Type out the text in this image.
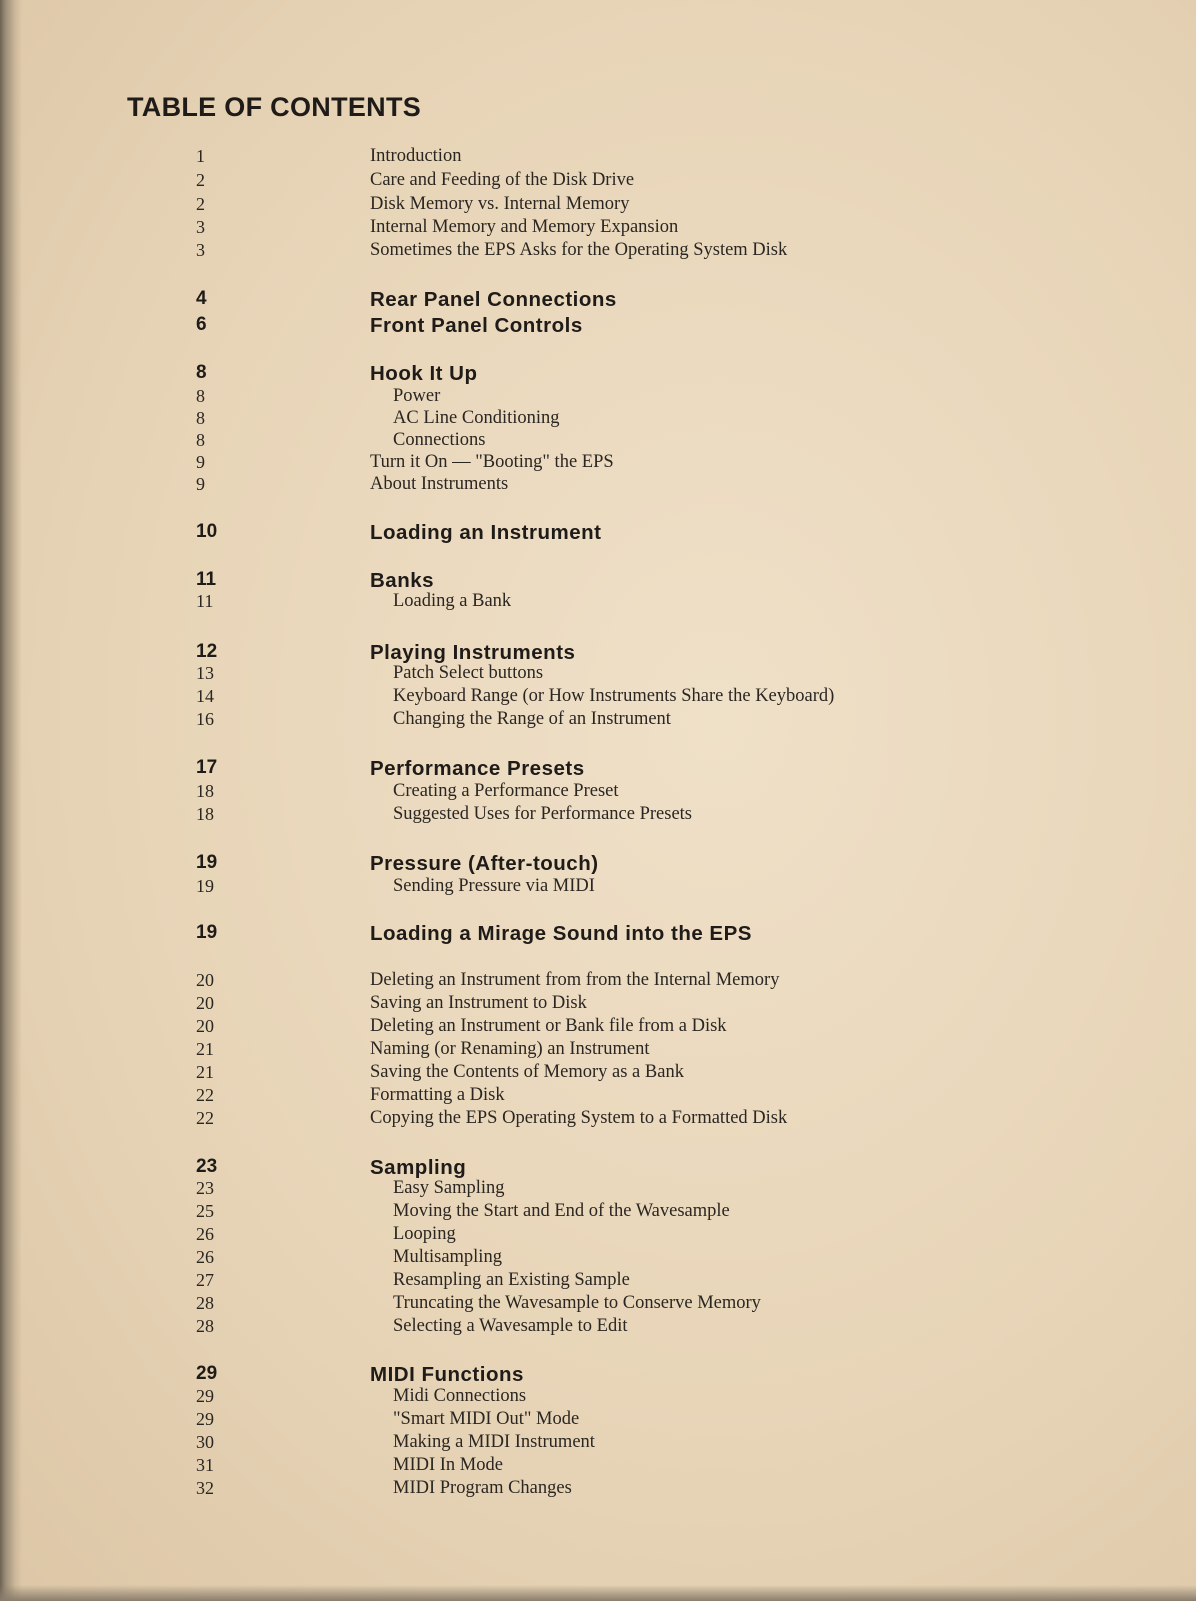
TABLE OF CONTENTS
1	Introduction
2	Care and Feeding of the Disk Drive
2	Disk Memory vs. Internal Memory
3	Internal Memory and Memory Expansion
3	Sometimes the EPS Asks for the Operating System Disk
4	Rear Panel Connections
6	Front Panel Controls
8	Hook It Up
8	Power
8	AC Line Conditioning
8	Connections
9	Turn it On — "Booting" the EPS
9	About Instruments
10	Loading an Instrument
11	Banks
11	Loading a Bank
12	Playing Instruments
13	Patch Select buttons
14	Keyboard Range (or How Instruments Share the Keyboard)
16	Changing the Range of an Instrument
17	Performance Presets
18	Creating a Performance Preset
18	Suggested Uses for Performance Presets
19	Pressure (After-touch)
19	Sending Pressure via MIDI
19	Loading a Mirage Sound into the EPS
20	Deleting an Instrument from from the Internal Memory
20	Saving an Instrument to Disk
20	Deleting an Instrument or Bank file from a Disk
21	Naming (or Renaming) an Instrument
21	Saving the Contents of Memory as a Bank
22	Formatting a Disk
22	Copying the EPS Operating System to a Formatted Disk
23	Sampling
23	Easy Sampling
25	Moving the Start and End of the Wavesample
26	Looping
26	Multisampling
27	Resampling an Existing Sample
28	Truncating the Wavesample to Conserve Memory
28	Selecting a Wavesample to Edit
29	MIDI Functions
29	Midi Connections
29	"Smart MIDI Out" Mode
30	Making a MIDI Instrument
31	MIDI In Mode
32	MIDI Program Changes
